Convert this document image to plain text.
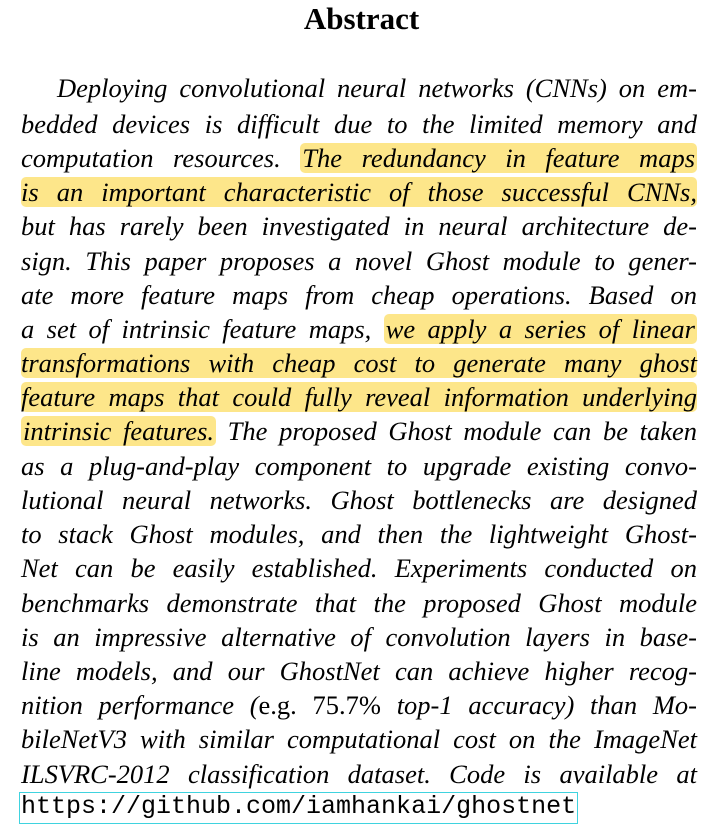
Abstract
Deploying convolutional neural networks (CNNs) on em-
bedded devices is difficult due to the limited memory and
computation resources. The redundancy in feature maps
is an important characteristic of those successful CNNs,
but has rarely been investigated in neural architecture de-
sign. This paper proposes a novel Ghost module to gener-
ate more feature maps from cheap operations. Based on
a set of intrinsic feature maps, we apply a series of linear
transformations with cheap cost to generate many ghost
feature maps that could fully reveal information underlying
intrinsic features. The proposed Ghost module can be taken
as a plug-and-play component to upgrade existing convo-
lutional neural networks. Ghost bottlenecks are designed
to stack Ghost modules, and then the lightweight Ghost-
Net can be easily established. Experiments conducted on
benchmarks demonstrate that the proposed Ghost module
is an impressive alternative of convolution layers in base-
line models, and our GhostNet can achieve higher recog-
nition performance (e.g. 75.7% top-1 accuracy) than Mo-
bileNetV3 with similar computational cost on the ImageNet
ILSVRC-2012 classification dataset. Code is available at
https://github.com/iamhankai/ghostnet
